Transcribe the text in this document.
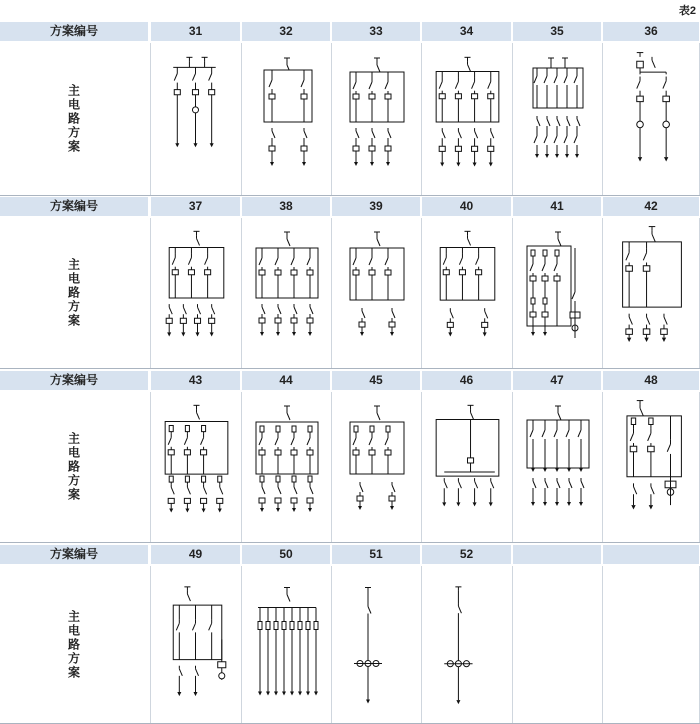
表2
方案编号	31	32	33	34	35	36
主电路方案
方案编号	37	38	39	40	41	42
主电路方案
方案编号	43	44	45	46	47	48
主电路方案
方案编号	49	50	51	52
主电路方案
